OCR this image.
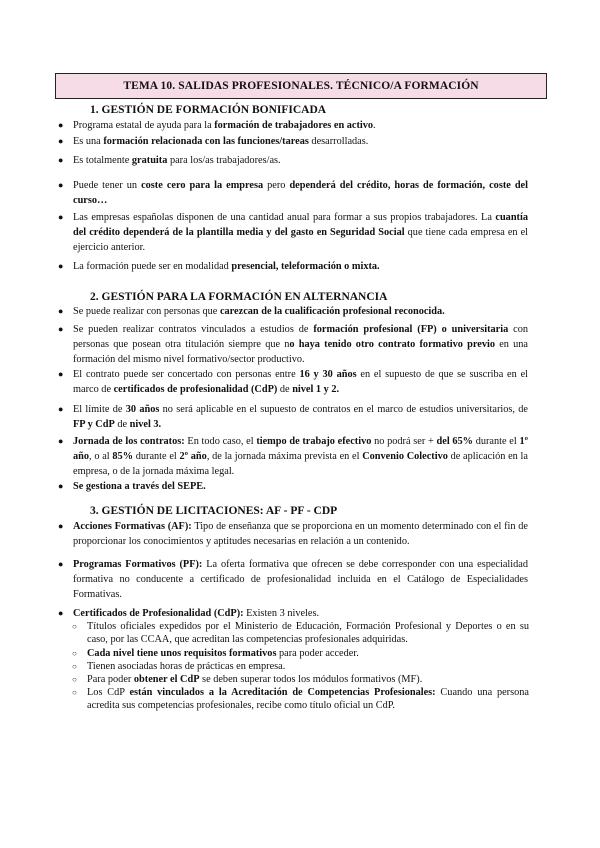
TEMA 10. SALIDAS PROFESIONALES. TÉCNICO/A FORMACIÓN
1. GESTIÓN DE FORMACIÓN BONIFICADA
2. GESTIÓN PARA LA FORMACIÓN EN ALTERNANCIA
3. GESTIÓN DE LICITACIONES: AF - PF - CDP
● Programa estatal de ayuda para la formación de trabajadores en activo.
● Es una formación relacionada con las funciones/tareas desarrolladas.
● Es totalmente gratuita para los/as trabajadores/as.
● Puede tener un coste cero para la empresa pero dependerá del crédito, horas de formación, coste del curso…
● Las empresas españolas disponen de una cantidad anual para formar a sus propios trabajadores. La cuantía del crédito dependerá de la plantilla media y del gasto en Seguridad Social que tiene cada empresa en el ejercicio anterior.
● La formación puede ser en modalidad presencial, teleformación o mixta.
● Se puede realizar con personas que carezcan de la cualificación profesional reconocida.
● Se pueden realizar contratos vinculados a estudios de formación profesional (FP) o universitaria con personas que posean otra titulación siempre que no haya tenido otro contrato formativo previo en una formación del mismo nivel formativo/sector productivo.
● El contrato puede ser concertado con personas entre 16 y 30 años en el supuesto de que se suscriba en el marco de certificados de profesionalidad (CdP) de nivel 1 y 2.
● El límite de 30 años no será aplicable en el supuesto de contratos en el marco de estudios universitarios, de FP y CdP de nivel 3.
● Jornada de los contratos: En todo caso, el tiempo de trabajo efectivo no podrá ser + del 65% durante el 1º año, o al 85% durante el 2º año, de la jornada máxima prevista en el Convenio Colectivo de aplicación en la empresa, o de la jornada máxima legal.
● Se gestiona a través del SEPE.
● Acciones Formativas (AF): Tipo de enseñanza que se proporciona en un momento determinado con el fin de proporcionar los conocimientos y aptitudes necesarias en relación a un contenido.
● Programas Formativos (PF): La oferta formativa que ofrecen se debe corresponder con una especialidad formativa no conducente a certificado de profesionalidad incluida en el Catálogo de Especialidades Formativas.
● Certificados de Profesionalidad (CdP): Existen 3 niveles.
○ Títulos oficiales expedidos por el Ministerio de Educación, Formación Profesional y Deportes o en su caso, por las CCAA, que acreditan las competencias profesionales adquiridas.
○ Cada nivel tiene unos requisitos formativos para poder acceder.
○ Tienen asociadas horas de prácticas en empresa.
○ Para poder obtener el CdP se deben superar todos los módulos formativos (MF).
○ Los CdP están vinculados a la Acreditación de Competencias Profesionales: Cuando una persona acredita sus competencias profesionales, recibe como título oficial un CdP.
